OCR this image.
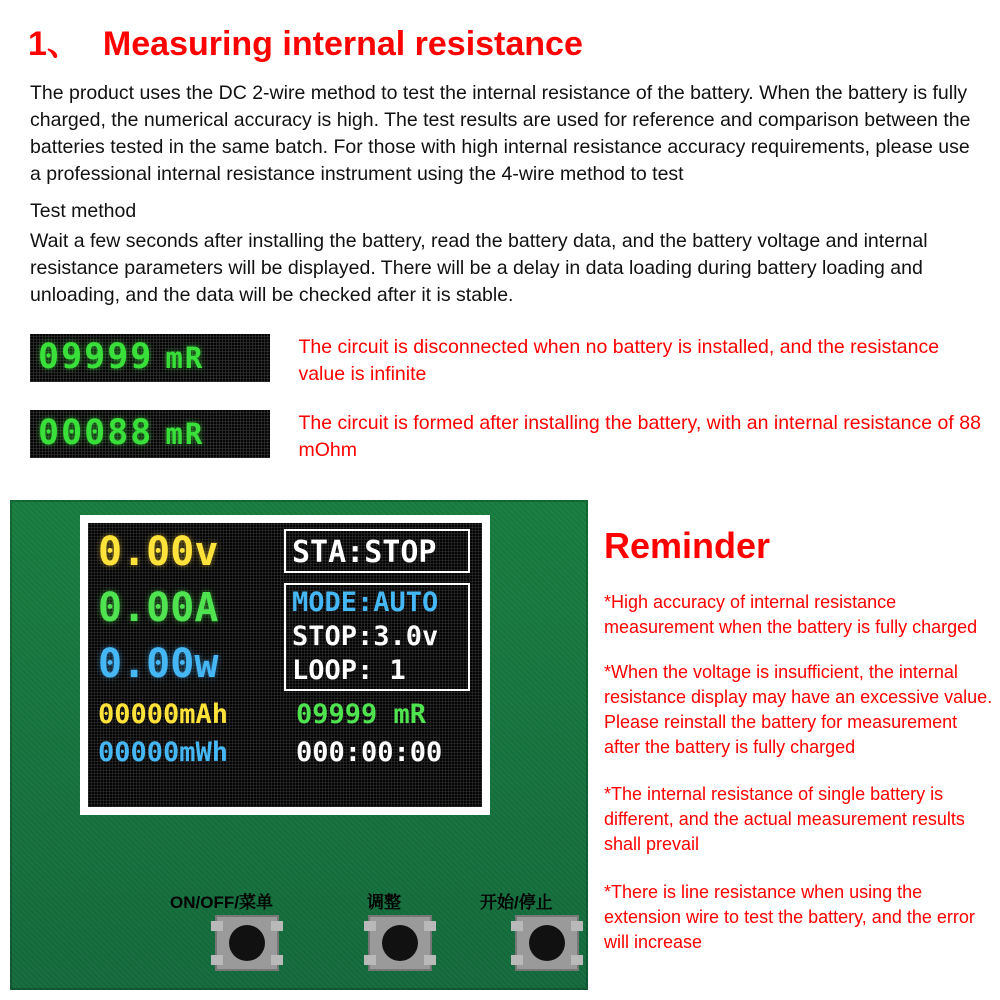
1、 Measuring internal resistance
The product uses the DC 2-wire method to test the internal resistance of the battery. When the battery is fully charged, the numerical accuracy is high. The test results are used for reference and comparison between the batteries tested in the same batch. For those with high internal resistance accuracy requirements, please use a professional internal resistance instrument using the 4-wire method to test
Test method
Wait a few seconds after installing the battery, read the battery data, and the battery voltage and internal resistance parameters will be displayed. There will be a delay in data loading during battery loading and unloading, and the data will be checked after it is stable.
09999 mR	The circuit is disconnected when no battery is installed, and the resistance value is infinite
00088 mR	The circuit is formed after installing the battery, with an internal resistance of 88 mOhm
0.00v
0.00A
0.00w
00000mAh
00000mWh
09999 mR
000:00:00
STA:STOP
MODE:AUTO
STOP:3.0v
LOOP: 1
ON/OFF/菜单	调整	开始/停止
Reminder
*High accuracy of internal resistance measurement when the battery is fully charged
*When the voltage is insufficient, the internal resistance display may have an excessive value. Please reinstall the battery for measurement after the battery is fully charged
*The internal resistance of single battery is different, and the actual measurement results shall prevail
*There is line resistance when using the extension wire to test the battery, and the error will increase
